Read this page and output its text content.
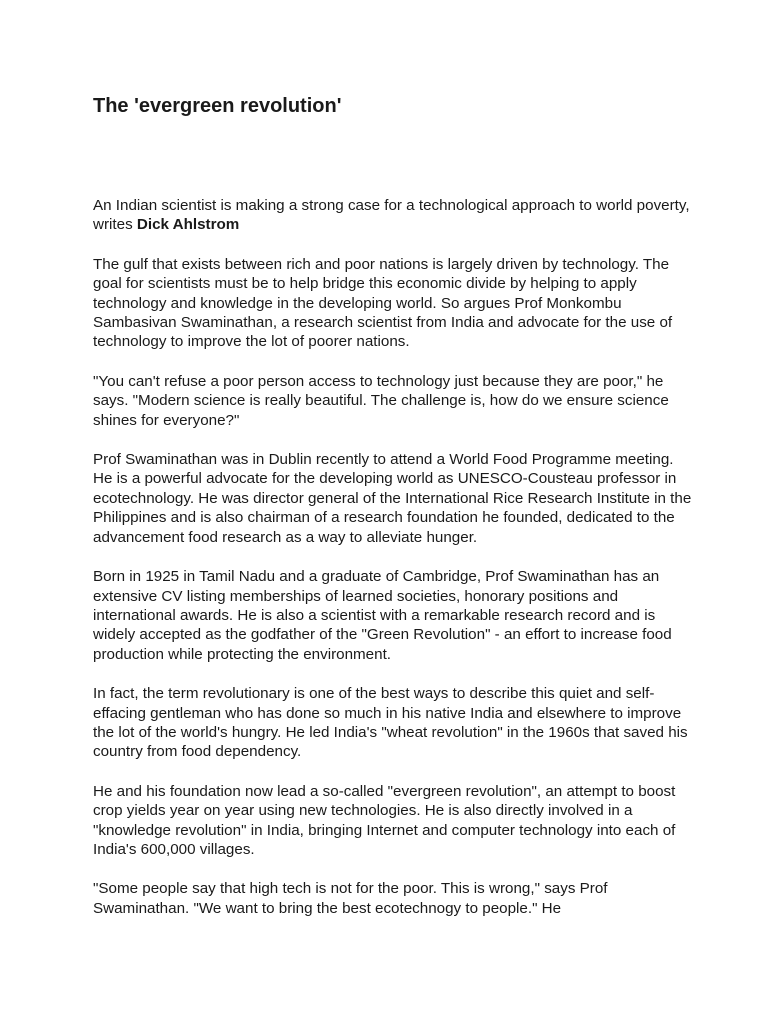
The 'evergreen revolution'

An Indian scientist is making a strong case for a technological approach to world poverty, writes Dick Ahlstrom

The gulf that exists between rich and poor nations is largely driven by technology. The goal for scientists must be to help bridge this economic divide by helping to apply technology and knowledge in the developing world. So argues Prof Monkombu Sambasivan Swaminathan, a research scientist from India and advocate for the use of technology to improve the lot of poorer nations.

"You can't refuse a poor person access to technology just because they are poor," he says. "Modern science is really beautiful. The challenge is, how do we ensure science shines for everyone?"

Prof Swaminathan was in Dublin recently to attend a World Food Programme meeting. He is a powerful advocate for the developing world as UNESCO-Cousteau professor in ecotechnology. He was director general of the International Rice Research Institute in the Philippines and is also chairman of a research foundation he founded, dedicated to the advancement food research as a way to alleviate hunger.

Born in 1925 in Tamil Nadu and a graduate of Cambridge, Prof Swaminathan has an extensive CV listing memberships of learned societies, honorary positions and international awards. He is also a scientist with a remarkable research record and is widely accepted as the godfather of the "Green Revolution" - an effort to increase food production while protecting the environment.

In fact, the term revolutionary is one of the best ways to describe this quiet and self-effacing gentleman who has done so much in his native India and elsewhere to improve the lot of the world's hungry. He led India's "wheat revolution" in the 1960s that saved his country from food dependency.

He and his foundation now lead a so-called "evergreen revolution", an attempt to boost crop yields year on year using new technologies. He is also directly involved in a "knowledge revolution" in India, bringing Internet and computer technology into each of India's 600,000 villages.

"Some people say that high tech is not for the poor. This is wrong," says Prof Swaminathan. "We want to bring the best ecotechnogy to people." He
